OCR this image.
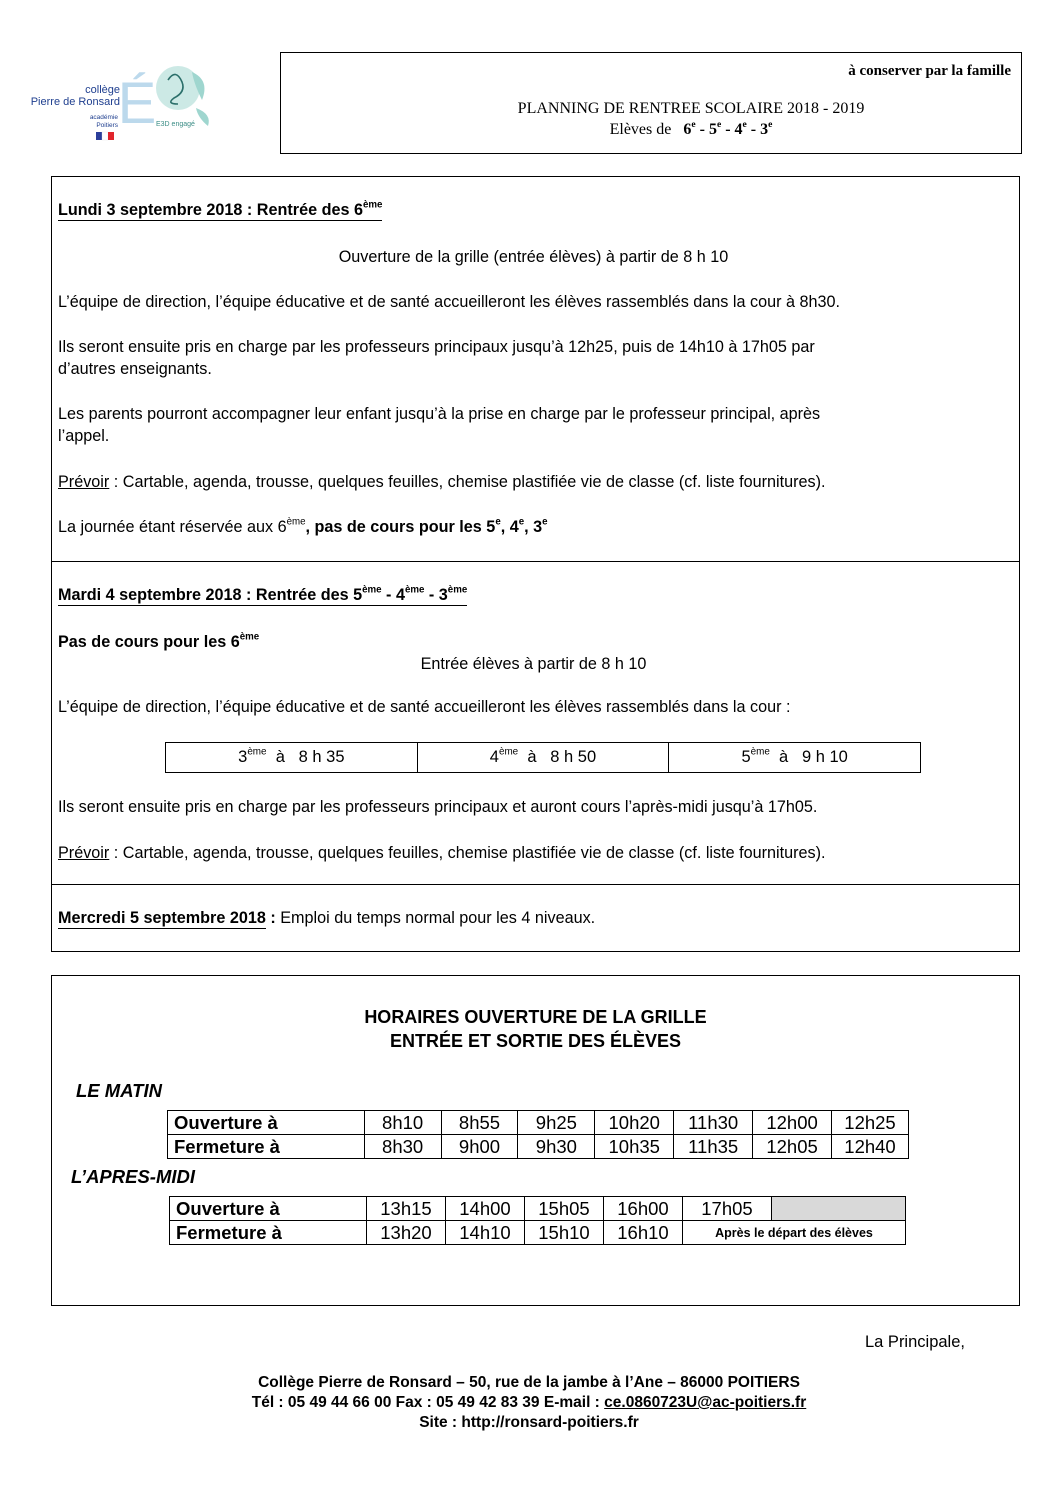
É
collège
Pierre de Ronsard
académie
Poitiers	E3D engagé
à conserver par la famille
PLANNING DE RENTREE SCOLAIRE 2018 - 2019
Elèves de 6e - 5e - 4e - 3e
Lundi 3 septembre 2018 : Rentrée des 6ème
Ouverture de la grille (entrée élèves) à partir de 8 h 10
L’équipe de direction, l’équipe éducative et de santé accueilleront les élèves rassemblés dans la cour à 8h30.
Ils seront ensuite pris en charge par les professeurs principaux jusqu’à 12h25, puis de 14h10 à 17h05 par
d’autres enseignants.
Les parents pourront accompagner leur enfant jusqu’à la prise en charge par le professeur principal, après
l’appel.
Prévoir : Cartable, agenda, trousse, quelques feuilles, chemise plastifiée vie de classe (cf. liste fournitures).
La journée étant réservée aux 6ème, pas de cours pour les 5e, 4e, 3e
Mardi 4 septembre 2018 : Rentrée des 5ème - 4ème - 3ème
Pas de cours pour les 6ème
Entrée élèves à partir de 8 h 10
L’équipe de direction, l’équipe éducative et de santé accueilleront les élèves rassemblés dans la cour :
3ème  à   8 h 35	4ème  à   8 h 50	5ème  à   9 h 10
Ils seront ensuite pris en charge par les professeurs principaux et auront cours l’après-midi jusqu’à 17h05.
Prévoir : Cartable, agenda, trousse, quelques feuilles, chemise plastifiée vie de classe (cf. liste fournitures).
Mercredi 5 septembre 2018 : Emploi du temps normal pour les 4 niveaux.
HORAIRES OUVERTURE DE LA GRILLE
ENTRÉE ET SORTIE DES ÉLÈVES
LE MATIN
Ouverture à	8h10	8h55	9h25	10h20	11h30	12h00	12h25
Fermeture à	8h30	9h00	9h30	10h35	11h35	12h05	12h40
L’APRES-MIDI
Ouverture à	13h15	14h00	15h05	16h00	17h05	
Fermeture à	13h20	14h10	15h10	16h10	Après le départ des élèves	
La Principale,
Collège Pierre de Ronsard – 50, rue de la jambe à l’Ane – 86000 POITIERS
Tél : 05 49 44 66 00 Fax : 05 49 42 83 39 E-mail : ce.0860723U@ac-poitiers.fr
Site : http://ronsard-poitiers.fr
